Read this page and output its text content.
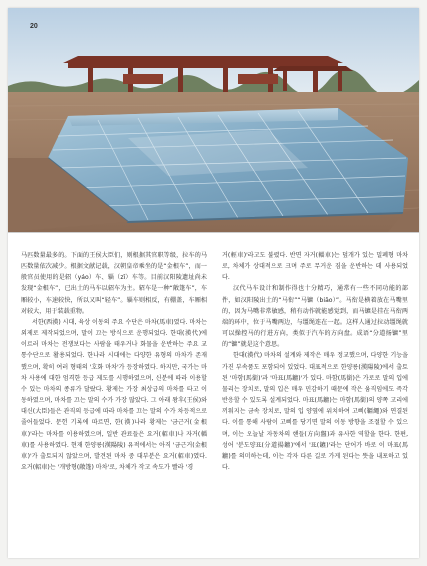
20

马匹数量最多的。下面的王侯大臣们，则根据其官职等级，拉车的马匹数量依次减少。根据文献记载，汉朝皇帝乘坐的是“金根车”，而一般官员使用的是轺（yáo）车、辎（zī）车等。目前汉阳陵遗址尚未发现“金根车”，已出土的马车以轺车为主。轺车是一种“敞篷车”，车厢较小，车速较快，所以又叫“轻车”。辎车则相反，有棚盖，车厢相对较大，用于装载重物。

서한(西漢) 시대, 육상 이동의 주요 수단은 마차(馬車)였다. 마차는 외제로 제작되었으며, 말이 끄는 방식으로 운행되었다. 한대(漢代)에 이르러 마차는 전쟁보다는 사람을 태우거나 화물을 운반하는 주요 교통수단으로 활용되었다. 한나라 시대에는 다양한 유형의 마차가 존재했으며, 확히 여러 형태의 '호화 마차'가 등장하였다. 하지만, 국가는 마차 사용에 대한 엄격한 등급 제도를 시행하였으며, 신분에 따라 이용할 수 있는 마차의 종류가 달랐다. 황제는 가장 최상급의 마차를 타고 이동하였으며, 마차를 끄는 말의 수가 가장 많았다. 그 아래 왕후(王侯)와 대신(大臣)들은 관직의 등급에 따라 마차를 끄는 말의 수가 차등적으로 줄어들었다. 문헌 기록에 따르면, 한(漢)나라 황제는 '금근거(金根車)'라는 마차를 이용하였으며, 일반 관료들은 요거(軺車)나 자거(輜車)를 사용하였다. 현재 한양릉(漢陽陵) 유적에서는 아직 '금근거(金根車)'가 출토되지 않았으며, 발견된 마차 중 대부분은 요거(軺車)였다. 요거(軺車)는 '개방형(敞篷) 마차'로, 차체가 작고 속도가 빨라 '경

거(輕車)'라고도 불렸다. 반면 자거(輜車)는 덮개가 있는 밀폐형 마차로, 차체가 상대적으로 크며 주로 무거운 짐을 운반하는 데 사용되었다.

汉代马车设计和制作得也十分精巧，通常有一些不同功能的部件，如汉阳陵出土的“马衔”“马镳（biāo）”。马衔是横着放在马嘴里的，因为马嘴非常敏感，稍有动作就能感觉到，而马镳是挂在马衔两端的环中，位于马嘴两边，与缰绳连在一起。这样人通过拉动缰绳就可以操控马的行进方向，类似于汽车的方向盘。成语“分道扬镳”里的“镳”就是这个意思。

한대(漢代) 마차의 설계와 제작은 매우 정교했으며, 다양한 기능을 가진 부속품도 포함되어 있었다. 대표적으로 한양릉(漢陽陵)에서 출토된 '마함(馬銜)'과 '마표(馬鑣)'가 있다. 마함(馬銜)은 가로로 말의 입에 물리는 장치로, 말의 입은 매우 민감하기 때문에 작은 움직임에도 즉각 반응할 수 있도록 설계되었다. 마표(馬鑣)는 마함(馬銜)의 양쪽 고리에 끼워지는 금속 장치로, 말의 입 양옆에 위치하여 고삐(韁繩)와 연결된다. 이를 통해 사람이 고삐를 당기면 말의 이동 방향을 조절할 수 있으며, 이는 오늘날 자동차의 핸들(方向盤)과 유사한 역할을 한다. 한편, 성어 '분도양표(分道揚鑣)'에서 '표(鑣)'라는 단어가 바로 이 마표(馬鑣)를 의미하는데, 이는 각자 다른 길로 가게 된다는 뜻을 내포하고 있다.
